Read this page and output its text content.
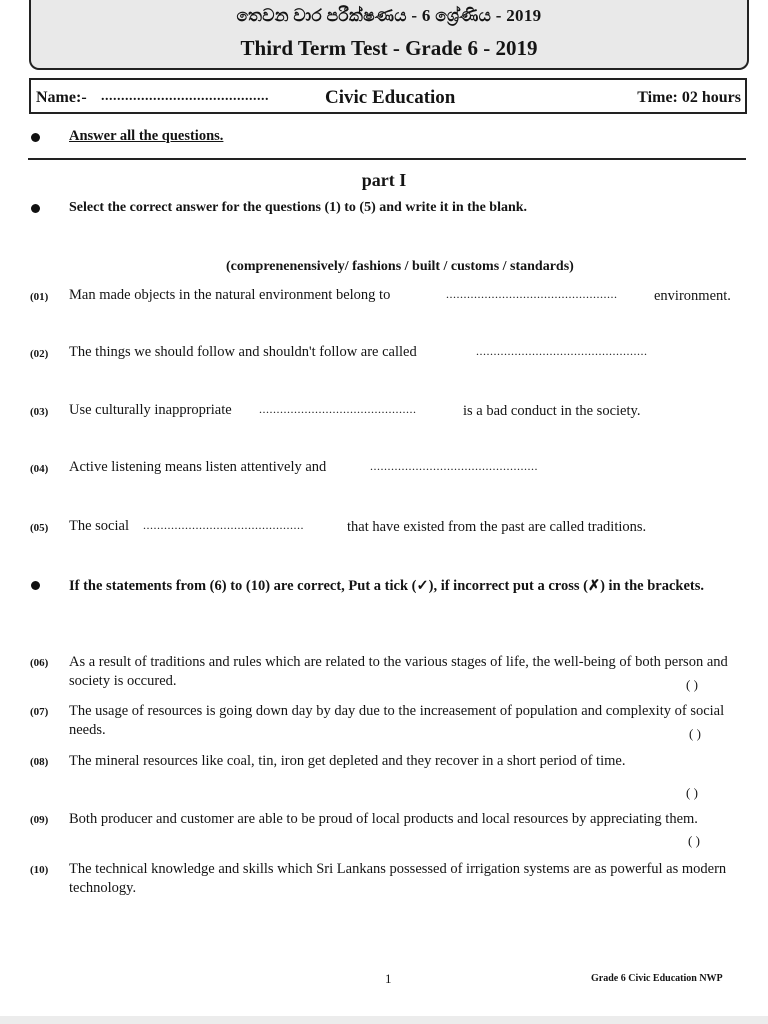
තෙවන වාර පරීක්ෂණය - 6 ශ්‍රේණිය - 2019
Third Term Test - Grade 6 - 2019
Name:- ..........................................	Civic Education	Time: 02 hours
Answer all the questions.
part I
Select the correct answer for the questions (1) to (5) and write it in the blank.
(comprenenensively/ fashions / built / customs / standards)
(01) Man made objects in the natural environment belong to	.................................................	environment.
(02) The things we should follow and shouldn't follow are called	.................................................
(03) Use culturally inappropriate .............................................	is a bad conduct in the society.
(04) Active listening means listen attentively and	................................................
(05) The social ..............................................	that have existed from the past are called traditions.
If the statements from (6) to (10) are correct, Put a tick (✓), if incorrect put a cross (✗) in the brackets.
(06) As a result of traditions and rules which are related to the various stages of life, the well-being of both person and society is occured.	( )
(07) The usage of resources is going down day by day due to the increasement of population and complexity of social needs.	( )
(08) The mineral resources like coal, tin, iron get depleted and they recover in a short period of time.
( )
(09) Both producer and customer are able to be proud of local products and local resources by appreciating them.
( )
(10) The technical knowledge and skills which Sri Lankans possessed of irrigation systems are as powerful as modern technology.
1	Grade 6 Civic Education NWP
